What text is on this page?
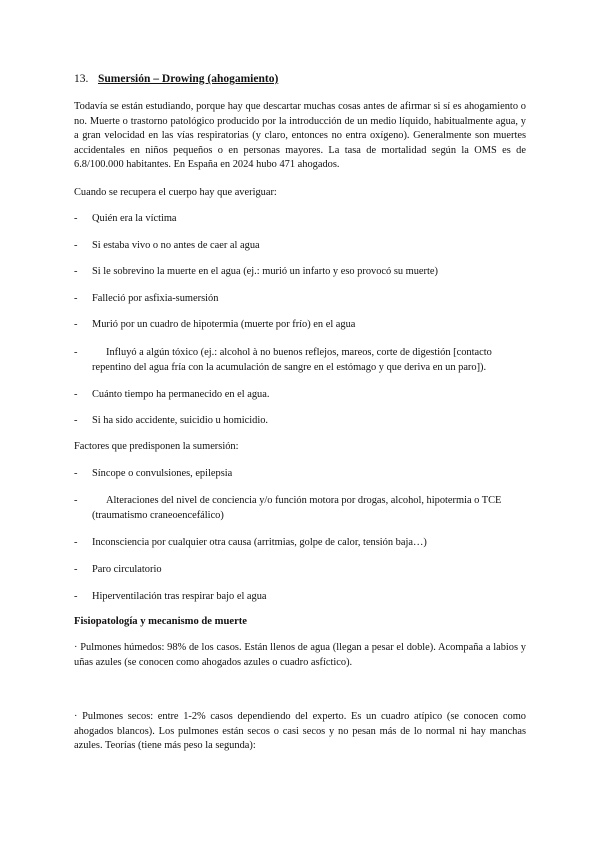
13. Sumersión – Drowing (ahogamiento)
Todavía se están estudiando, porque hay que descartar muchas cosas antes de afirmar si sí es ahogamiento o no. Muerte o trastorno patológico producido por la introducción de un medio líquido, habitualmente agua, y a gran velocidad en las vías respiratorias (y claro, entonces no entra oxígeno). Generalmente son muertes accidentales en niños pequeños o en personas mayores. La tasa de mortalidad según la OMS es de 6.8/100.000 habitantes. En España en 2024 hubo 471 ahogados.
Cuando se recupera el cuerpo hay que averiguar:
- Quién era la víctima
- Si estaba vivo o no antes de caer al agua
- Si le sobrevino la muerte en el agua (ej.: murió un infarto y eso provocó su muerte)
- Falleció por asfixia-sumersión
- Murió por un cuadro de hipotermia (muerte por frío) en el agua
-	Influyó a algún tóxico (ej.: alcohol à no buenos reflejos, mareos, corte de digestión [contacto repentino del agua fría con la acumulación de sangre en el estómago y que deriva en un paro]).
- Cuánto tiempo ha permanecido en el agua.
- Si ha sido accidente, suicidio u homicidio.
Factores que predisponen la sumersión:
- Síncope o convulsiones, epilepsia
-	Alteraciones del nivel de conciencia y/o función motora por drogas, alcohol, hipotermia o TCE (traumatismo craneoencefálico)
- Inconsciencia por cualquier otra causa (arritmias, golpe de calor, tensión baja…)
- Paro circulatorio
- Hiperventilación tras respirar bajo el agua
Fisiopatología y mecanismo de muerte
· Pulmones húmedos: 98% de los casos. Están llenos de agua (llegan a pesar el doble). Acompaña a labios y uñas azules (se conocen como ahogados azules o cuadro asfíctico).
· Pulmones secos: entre 1-2% casos dependiendo del experto. Es un cuadro atípico (se conocen como ahogados blancos). Los pulmones están secos o casi secos y no pesan más de lo normal ni hay manchas azules. Teorías (tiene más peso la segunda):
